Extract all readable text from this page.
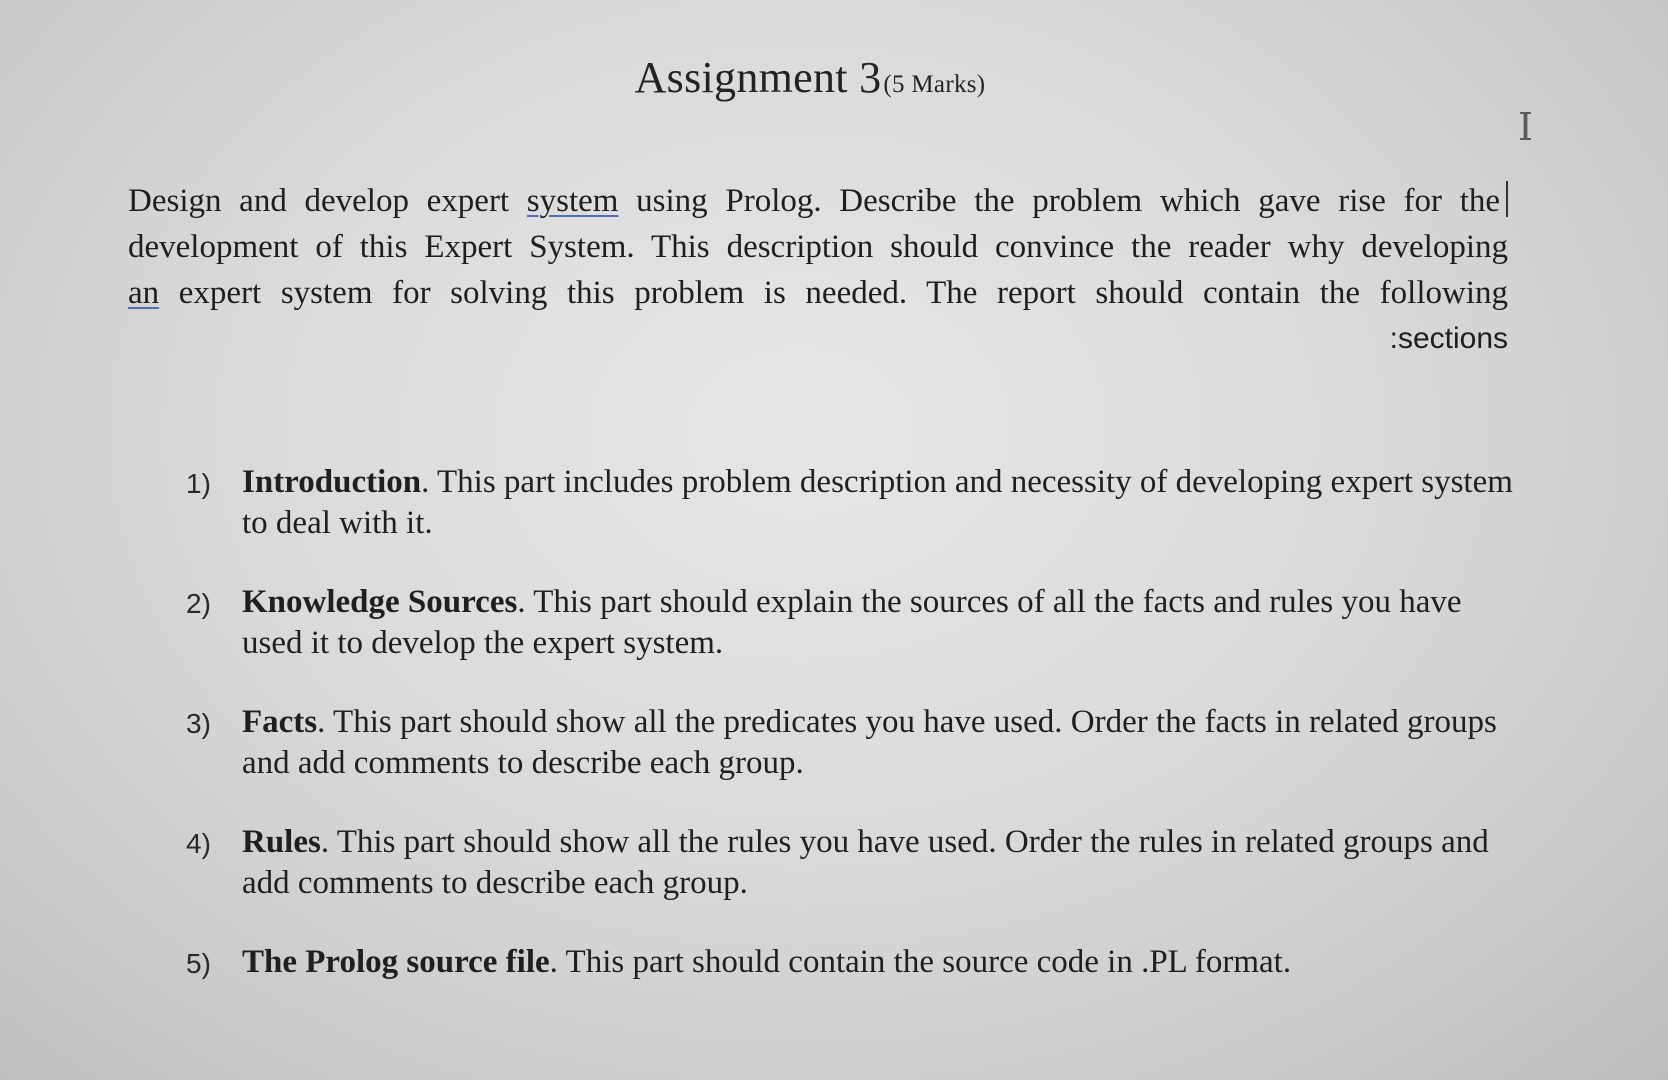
Assignment 3(5 Marks)
I
Design and develop expert system using Prolog. Describe the problem which gave rise for the
development of this Expert System. This description should convince the reader why developing
an expert system for solving this problem is needed. The report should contain the following
:sections
1) Introduction. This part includes problem description and necessity of developing expert system to deal with it.
2) Knowledge Sources. This part should explain the sources of all the facts and rules you have used it to develop the expert system.
3) Facts. This part should show all the predicates you have used. Order the facts in related groups and add comments to describe each group.
4) Rules. This part should show all the rules you have used. Order the rules in related groups and add comments to describe each group.
5) The Prolog source file. This part should contain the source code in .PL format.
